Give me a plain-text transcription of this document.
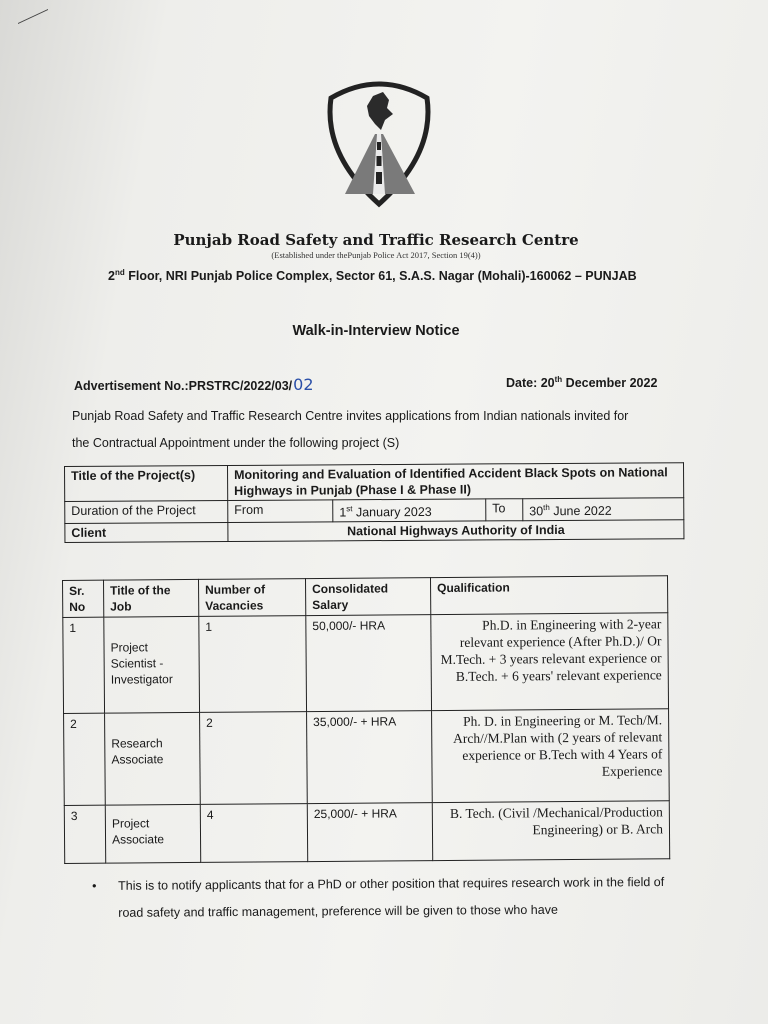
Punjab Road Safety and Traffic Research Centre
(Established under thePunjab Police Act 2017, Section 19(4))
2nd Floor, NRI Punjab Police Complex, Sector 61, S.A.S. Nagar (Mohali)-160062 – PUNJAB
Walk-in-Interview Notice
Advertisement No.:PRSTRC/2022/03/02	Date: 20th December 2022
Punjab Road Safety and Traffic Research Centre invites applications from Indian nationals invited for
the Contractual Appointment under the following project (S)
Title of the Project(s)	Monitoring and Evaluation of Identified Accident Black Spots on National Highways in Punjab (Phase I & Phase II)			
Duration of the Project	From	1st January 2023	To	30th June 2022
Client	National Highways Authority of India			
Sr. No	Title of the Job	Number of Vacancies	Consolidated Salary	Qualification
1	Project Scientist - Investigator	1	50,000/- HRA	Ph.D. in Engineering with 2-year relevant experience (After Ph.D.)/ Or M.Tech. + 3 years relevant experience or B.Tech. + 6 years' relevant experience
2	Research Associate	2	35,000/- + HRA	Ph. D. in Engineering or M. Tech/M. Arch//M.Plan with (2 years of relevant experience or B.Tech with 4 Years of Experience
3	Project Associate	4	25,000/- + HRA	B. Tech. (Civil /Mechanical/Production Engineering) or B. Arch
• This is to notify applicants that for a PhD or other position that requires research work in the field of road safety and traffic management, preference will be given to those who have
